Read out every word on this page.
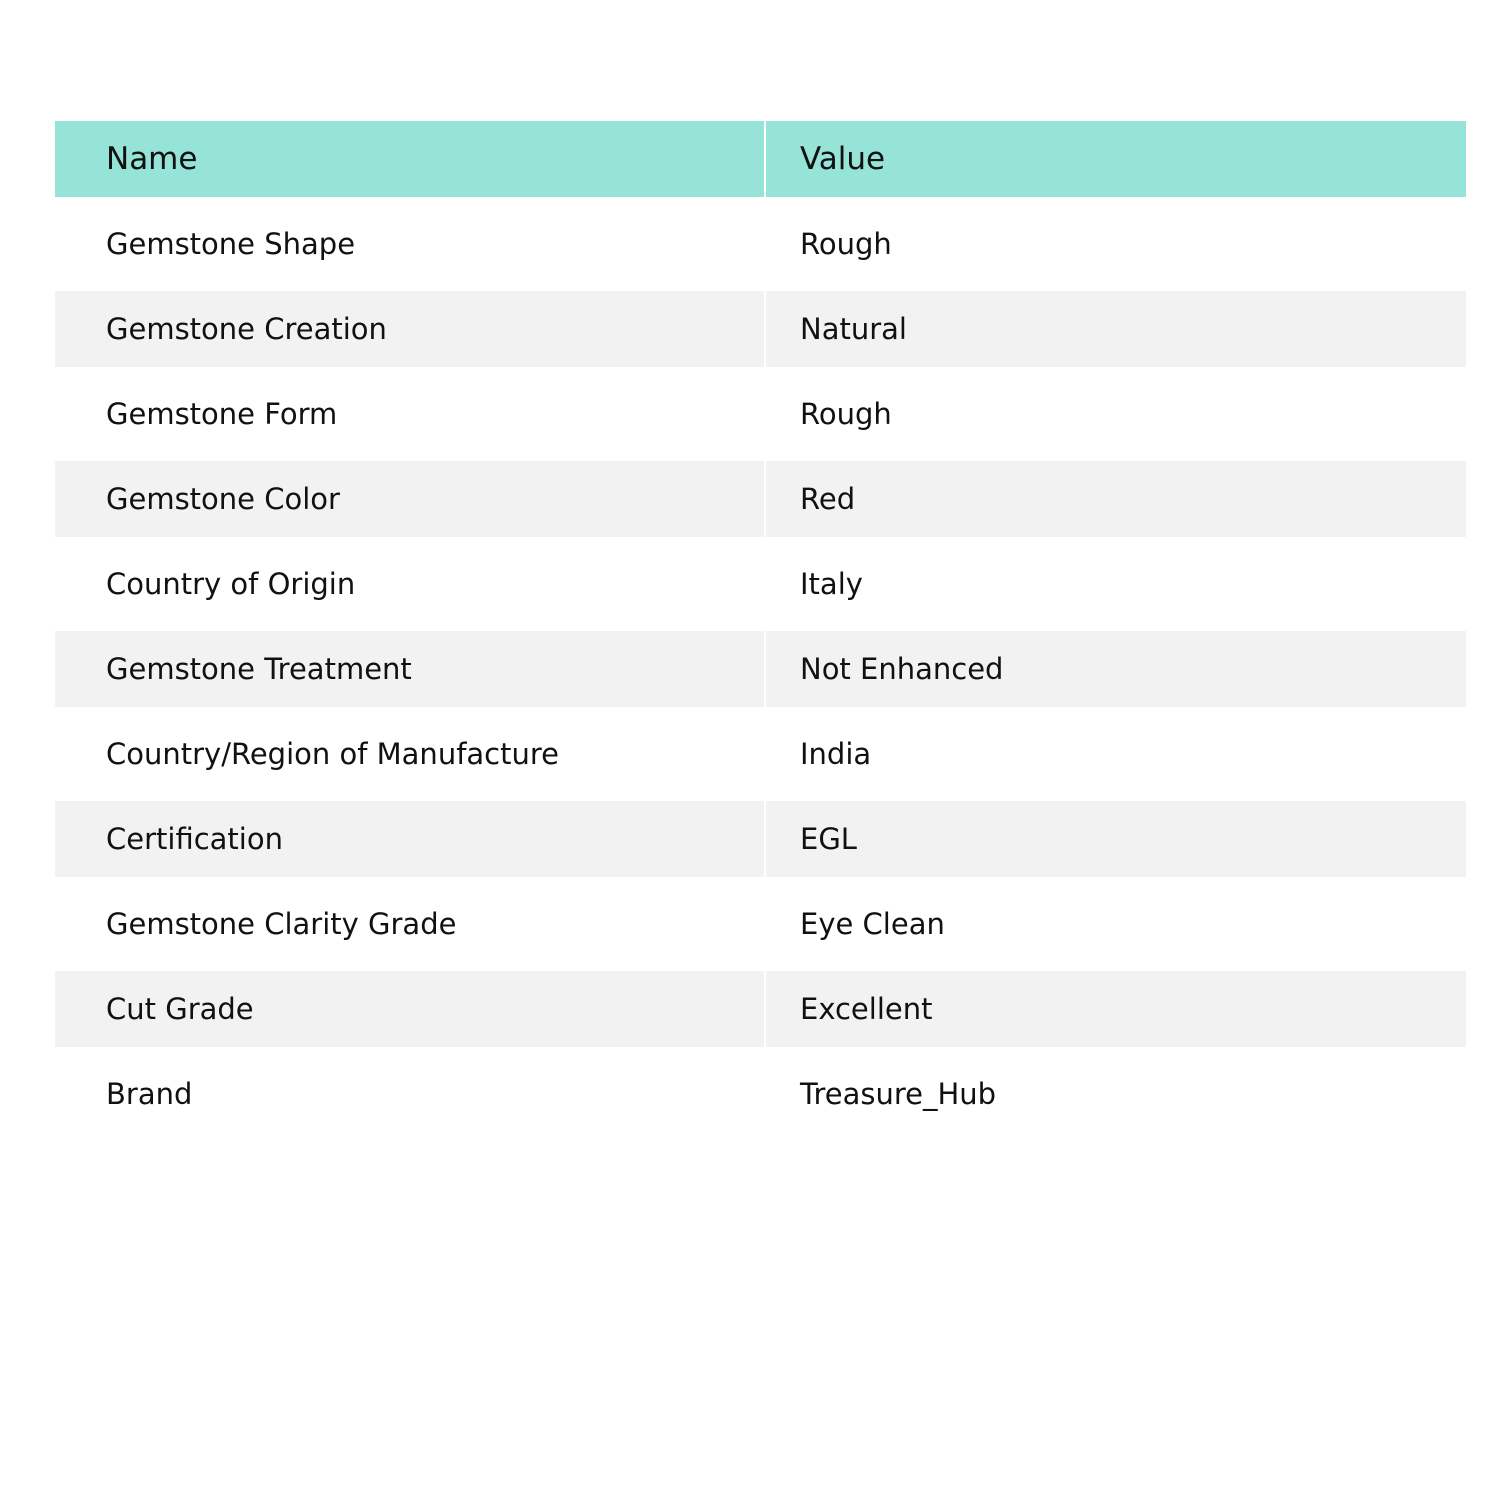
Name	Value
Gemstone Shape	Rough
Gemstone Creation	Natural
Gemstone Form	Rough
Gemstone Color	Red
Country of Origin	Italy
Gemstone Treatment	Not Enhanced
Country/Region of Manufacture	India
Certification	EGL
Gemstone Clarity Grade	Eye Clean
Cut Grade	Excellent
Brand	Treasure_Hub
